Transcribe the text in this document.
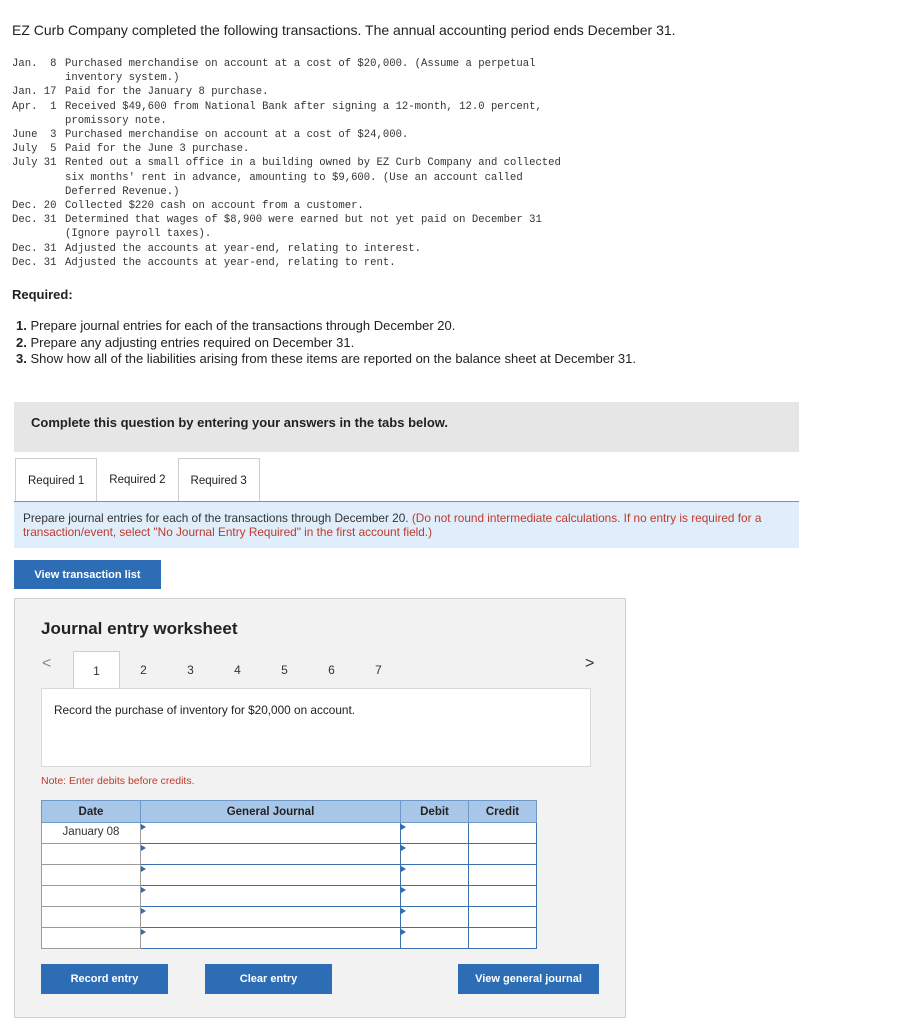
EZ Curb Company completed the following transactions. The annual accounting period ends December 31.
Jan.  8 Purchased merchandise on account at a cost of $20,000. (Assume a perpetual
inventory system.)
Jan. 17 Paid for the January 8 purchase.
Apr.  1 Received $49,600 from National Bank after signing a 12-month, 12.0 percent,
promissory note.
June  3 Purchased merchandise on account at a cost of $24,000.
July  5 Paid for the June 3 purchase.
July 31 Rented out a small office in a building owned by EZ Curb Company and collected
six months' rent in advance, amounting to $9,600. (Use an account called
Deferred Revenue.)
Dec. 20 Collected $220 cash on account from a customer.
Dec. 31 Determined that wages of $8,900 were earned but not yet paid on December 31
(Ignore payroll taxes).
Dec. 31 Adjusted the accounts at year-end, relating to interest.
Dec. 31 Adjusted the accounts at year-end, relating to rent.
Required:
1. Prepare journal entries for each of the transactions through December 20.
2. Prepare any adjusting entries required on December 31.
3. Show how all of the liabilities arising from these items are reported on the balance sheet at December 31.
Complete this question by entering your answers in the tabs below.
Required 1	Required 2	Required 3
Prepare journal entries for each of the transactions through December 20. (Do not round intermediate calculations. If no entry is required for a transaction/event, select "No Journal Entry Required" in the first account field.)
View transaction list
Journal entry worksheet
<	1	2	3	4	5	6	7	>
Record the purchase of inventory for $20,000 on account.
Note: Enter debits before credits.
Date	General Journal	Debit	Credit
January 08			

Record entry	Clear entry	View general journal
